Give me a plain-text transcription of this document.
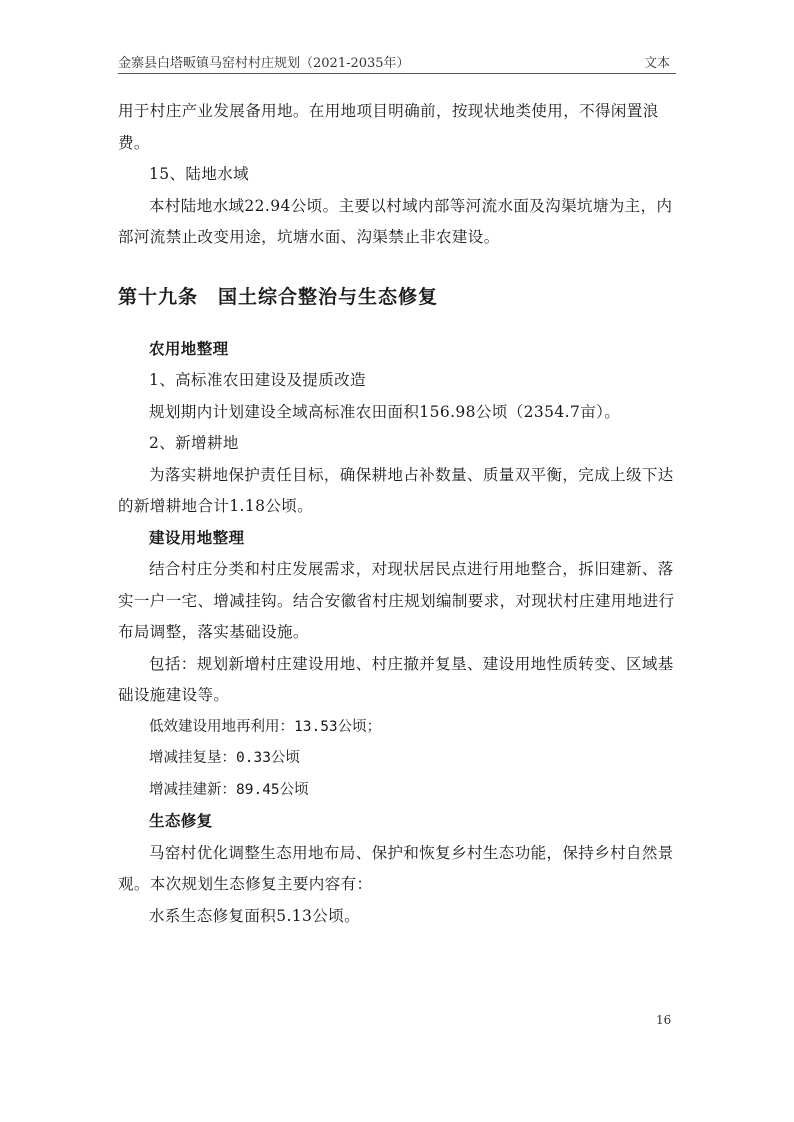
金寨县白塔畈镇马窑村村庄规划（2021-2035年）	文本

用于村庄产业发展备用地。在用地项目明确前，按现状地类使用，不得闲置浪费。

15、陆地水域

本村陆地水域22.94公顷。主要以村域内部等河流水面及沟渠坑塘为主，内部河流禁止改变用途，坑塘水面、沟渠禁止非农建设。

第十九条　国土综合整治与生态修复

农用地整理

1、高标准农田建设及提质改造

规划期内计划建设全域高标准农田面积156.98公顷（2354.7亩）。

2、新增耕地

为落实耕地保护责任目标，确保耕地占补数量、质量双平衡，完成上级下达的新增耕地合计1.18公顷。

建设用地整理

结合村庄分类和村庄发展需求，对现状居民点进行用地整合，拆旧建新、落实一户一宅、增减挂钩。结合安徽省村庄规划编制要求，对现状村庄建用地进行布局调整，落实基础设施。

包括：规划新增村庄建设用地、村庄撤并复垦、建设用地性质转变、区域基础设施建设等。

低效建设用地再利用：13.53公顷；

增减挂复垦：0.33公顷

增减挂建新：89.45公顷

生态修复

马窑村优化调整生态用地布局、保护和恢复乡村生态功能，保持乡村自然景观。本次规划生态修复主要内容有：

水系生态修复面积5.13公顷。

16
